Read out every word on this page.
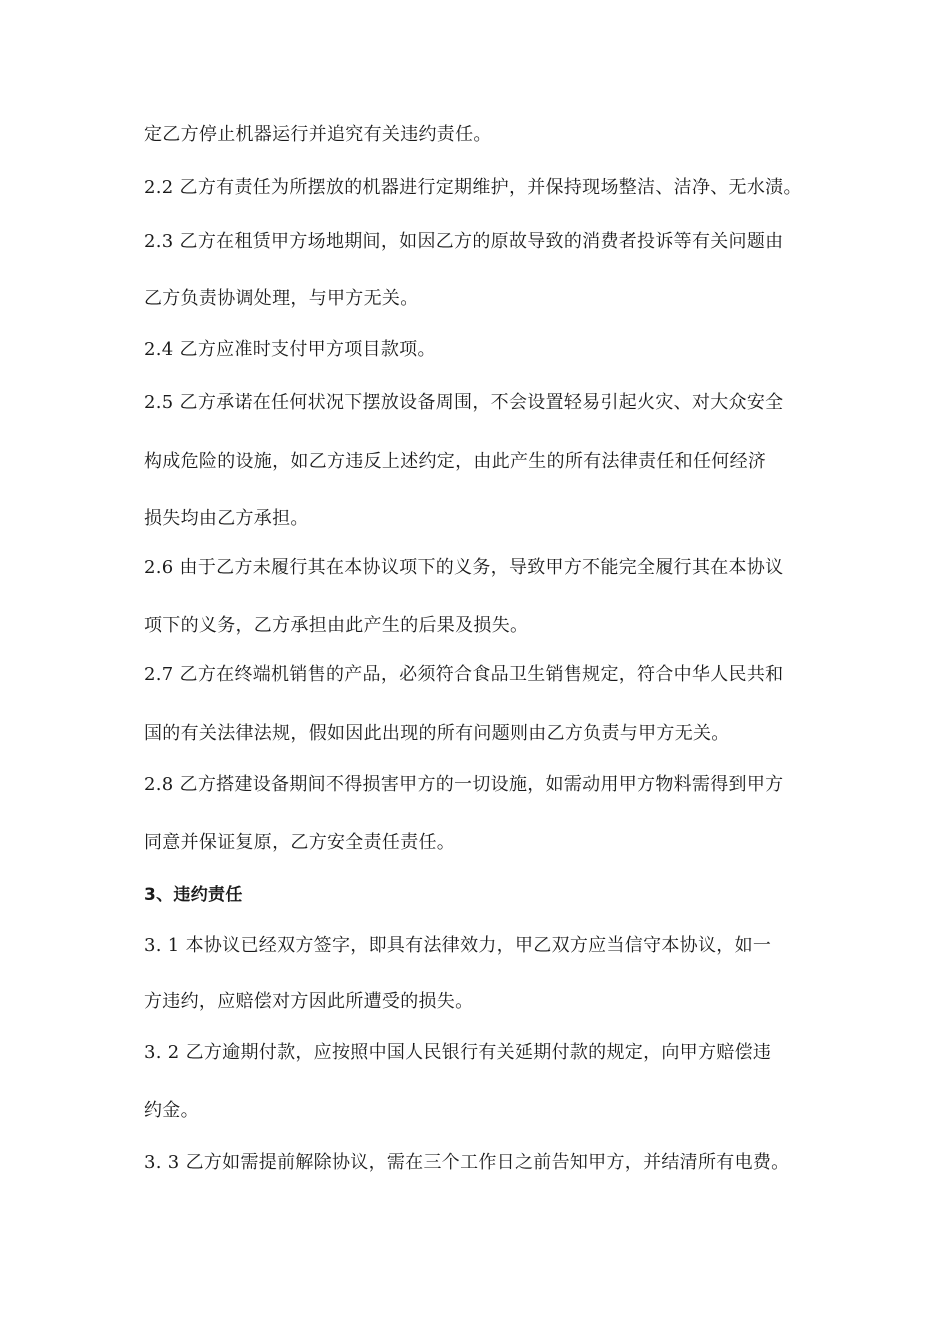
定乙方停止机器运行并追究有关违约责任。
2.2 乙方有责任为所摆放的机器进行定期维护，并保持现场整洁、洁净、无水渍。
2.3 乙方在租赁甲方场地期间，如因乙方的原故导致的消费者投诉等有关问题由
乙方负责协调处理，与甲方无关。
2.4 乙方应准时支付甲方项目款项。
2.5 乙方承诺在任何状况下摆放设备周围，不会设置轻易引起火灾、对大众安全
构成危险的设施，如乙方违反上述约定，由此产生的所有法律责任和任何经济
损失均由乙方承担。
2.6 由于乙方未履行其在本协议项下的义务，导致甲方不能完全履行其在本协议
项下的义务，乙方承担由此产生的后果及损失。
2.7 乙方在终端机销售的产品，必须符合食品卫生销售规定，符合中华人民共和
国的有关法律法规，假如因此出现的所有问题则由乙方负责与甲方无关。
2.8 乙方搭建设备期间不得损害甲方的一切设施，如需动用甲方物料需得到甲方
同意并保证复原，乙方安全责任责任。
3、违约责任
3. 1 本协议已经双方签字，即具有法律效力，甲乙双方应当信守本协议，如一
方违约，应赔偿对方因此所遭受的损失。
3. 2 乙方逾期付款，应按照中国人民银行有关延期付款的规定，向甲方赔偿违
约金。
3. 3 乙方如需提前解除协议，需在三个工作日之前告知甲方，并结清所有电费。
